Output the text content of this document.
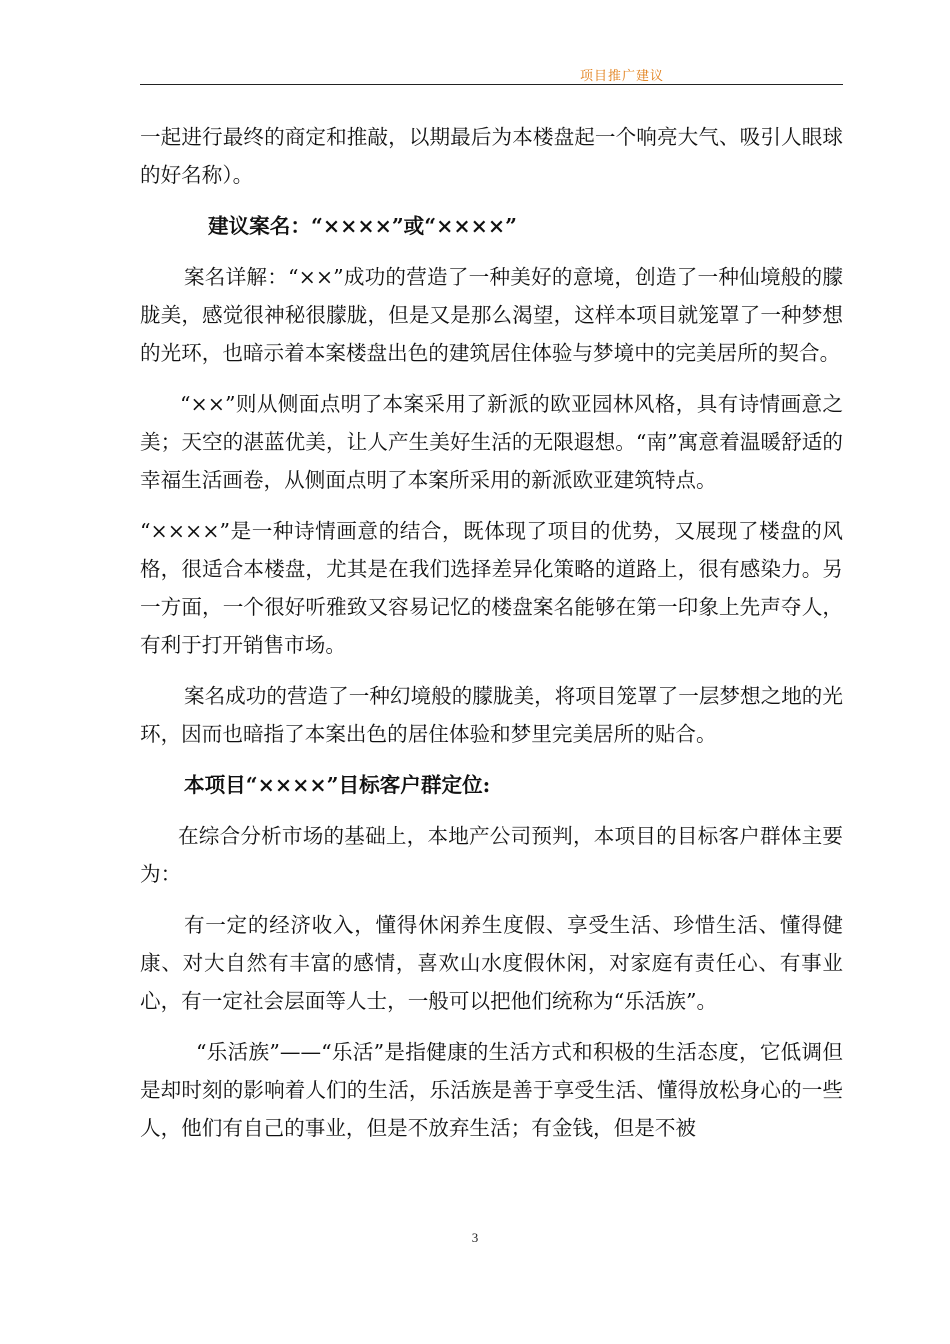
项目推广建议

一起进行最终的商定和推敲，以期最后为本楼盘起一个响亮大气、吸引人眼球的好名称）。

建议案名：“××××”或“××××”

案名详解：“××”成功的营造了一种美好的意境，创造了一种仙境般的朦胧美，感觉很神秘很朦胧，但是又是那么渴望，这样本项目就笼罩了一种梦想的光环，也暗示着本案楼盘出色的建筑居住体验与梦境中的完美居所的契合。

“××”则从侧面点明了本案采用了新派的欧亚园林风格，具有诗情画意之美；天空的湛蓝优美，让人产生美好生活的无限遐想。“南”寓意着温暖舒适的幸福生活画卷，从侧面点明了本案所采用的新派欧亚建筑特点。

“××××”是一种诗情画意的结合，既体现了项目的优势，又展现了楼盘的风格，很适合本楼盘，尤其是在我们选择差异化策略的道路上，很有感染力。另一方面，一个很好听雅致又容易记忆的楼盘案名能够在第一印象上先声夺人，有利于打开销售市场。

案名成功的营造了一种幻境般的朦胧美，将项目笼罩了一层梦想之地的光环，因而也暗指了本案出色的居住体验和梦里完美居所的贴合。

本项目“××××”目标客户群定位:

在综合分析市场的基础上，本地产公司预判，本项目的目标客户群体主要为：

有一定的经济收入，懂得休闲养生度假、享受生活、珍惜生活、懂得健康、对大自然有丰富的感情，喜欢山水度假休闲，对家庭有责任心、有事业心，有一定社会层面等人士，一般可以把他们统称为“乐活族”。

“乐活族”——“乐活”是指健康的生活方式和积极的生活态度，它低调但是却时刻的影响着人们的生活，乐活族是善于享受生活、懂得放松身心的一些人，他们有自己的事业，但是不放弃生活；有金钱，但是不被

3
